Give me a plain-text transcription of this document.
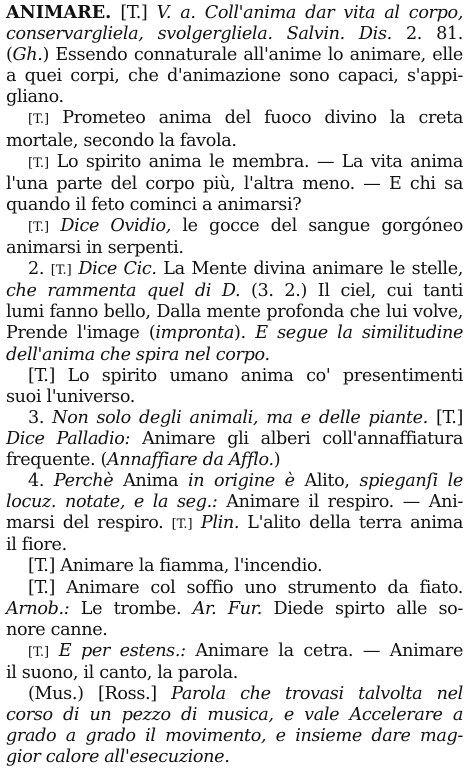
ANIMARE. [T.] V. a. Coll'anima dar vita al corpo,
conservargliela, svolgergliela. Salvin. Dis. 2. 81.
(Gh.) Essendo connaturale all'anime lo animare, elle
a quei corpi, che d'animazione sono capaci, s'appi-
gliano.
[T.] Prometeo anima del fuoco divino la creta
mortale, secondo la favola.
[T.] Lo spirito anima le membra. — La vita anima
l'una parte del corpo più, l'altra meno. — E chi sa
quando il feto cominci a animarsi?
[T.] Dice Ovidio, le gocce del sangue gorgóneo
animarsi in serpenti.
2. [T.] Dice Cic. La Mente divina animare le stelle,
che rammenta quel di D. (3. 2.) Il ciel, cui tanti
lumi fanno bello, Dalla mente profonda che lui volve,
Prende l'image (impronta). E segue la similitudine
dell'anima che spira nel corpo.
[T.] Lo spirito umano anima co' presentimenti
suoi l'universo.
3. Non solo degli animali, ma e delle piante. [T.]
Dice Palladio: Animare gli alberi coll'annaffiatura
frequente. (Annaffiare da Afflo.)
4. Perchè Anima in origine è Alito, spieganſi le
locuz. notate, e la seg.: Animare il respiro. — Ani-
marsi del respiro. [T.] Plin. L'alito della terra anima
il fiore.
[T.] Animare la fiamma, l'incendio.
[T.] Animare col soffio uno strumento da fiato.
Arnob.: Le trombe. Ar. Fur. Diede spirto alle so-
nore canne.
[T.] E per estens.: Animare la cetra. — Animare
il suono, il canto, la parola.
(Mus.) [Ross.] Parola che trovasi talvolta nel
corso di un pezzo di musica, e vale Accelerare a
grado a grado il movimento, e insieme dare mag-
gior calore all'esecuzione.
